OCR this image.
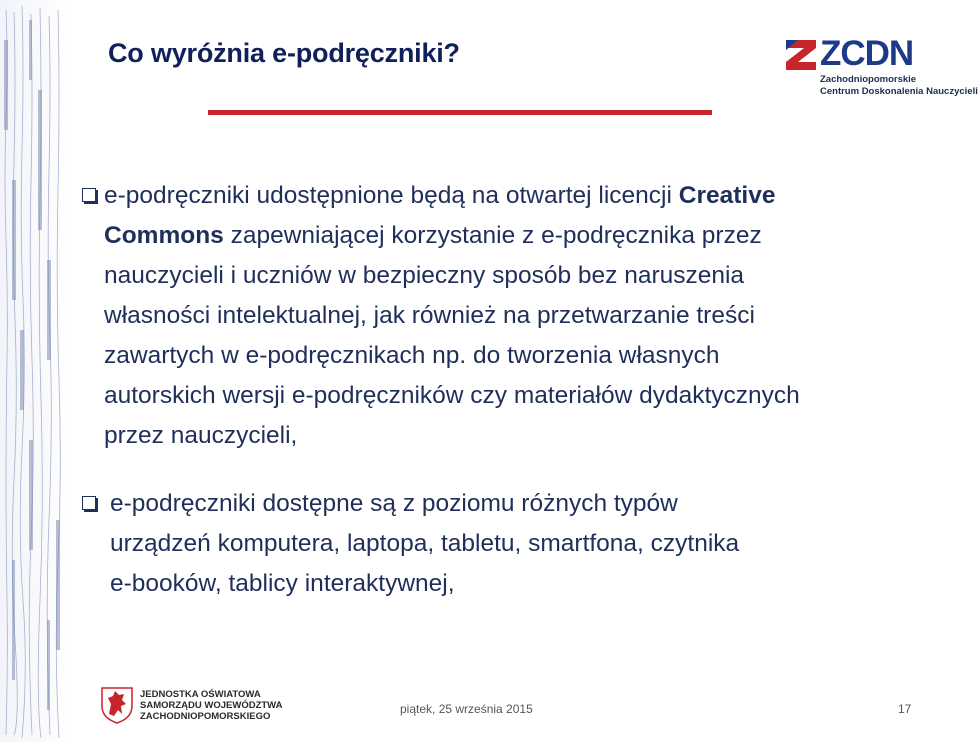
Co wyróżnia e-podręczniki?	ZCDN
Zachodniopomorskie
Centrum Doskonalenia Nauczycieli
e-podręczniki udostępnione będą na otwartej licencji Creative
Commons zapewniającej korzystanie z e-podręcznika przez
nauczycieli i uczniów w bezpieczny sposób bez naruszenia
własności intelektualnej, jak również na przetwarzanie treści
zawartych w e-podręcznikach np. do tworzenia własnych
autorskich wersji e-podręczników czy materiałów dydaktycznych
przez nauczycieli,
e-podręczniki dostępne są z poziomu różnych typów
urządzeń komputera, laptopa, tabletu, smartfona, czytnika
e-booków, tablicy interaktywnej,
JEDNOSTKA OŚWIATOWA
SAMORZĄDU WOJEWÓDZTWA
ZACHODNIOPOMORSKIEGO
piątek, 25 września 2015	17
